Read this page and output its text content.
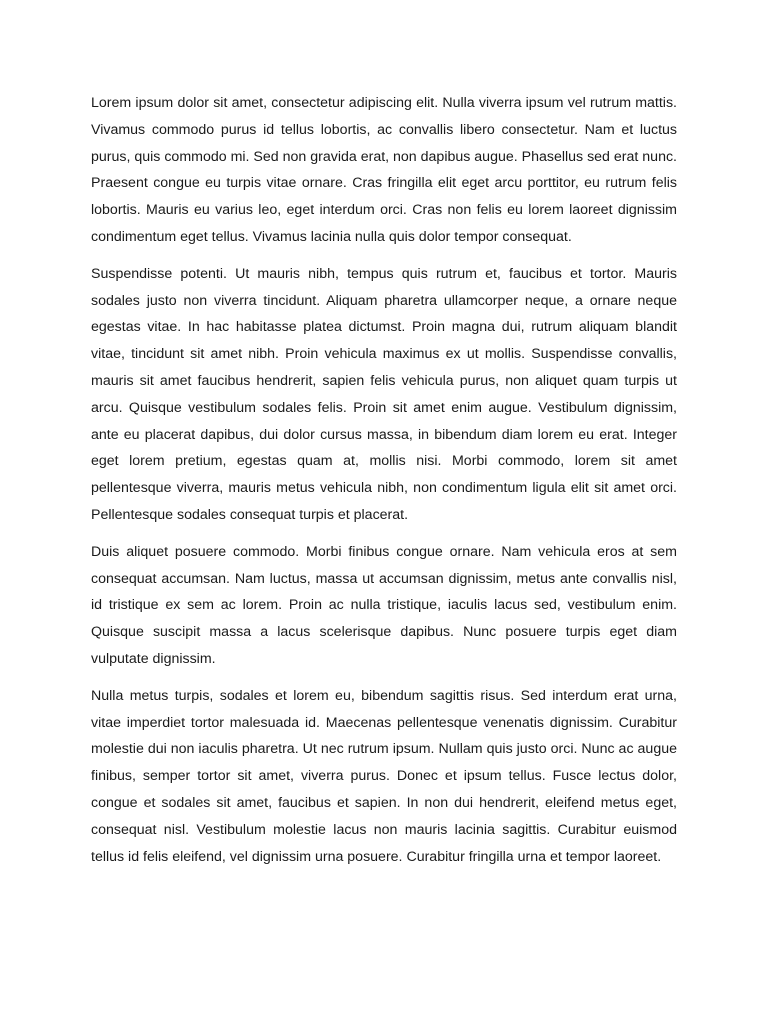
Lorem ipsum dolor sit amet, consectetur adipiscing elit. Nulla viverra ipsum vel rutrum mattis. Vivamus commodo purus id tellus lobortis, ac convallis libero consectetur. Nam et luctus purus, quis commodo mi. Sed non gravida erat, non dapibus augue. Phasellus sed erat nunc. Praesent congue eu turpis vitae ornare. Cras fringilla elit eget arcu porttitor, eu rutrum felis lobortis. Mauris eu varius leo, eget interdum orci. Cras non felis eu lorem laoreet dignissim condimentum eget tellus. Vivamus lacinia nulla quis dolor tempor consequat.

Suspendisse potenti. Ut mauris nibh, tempus quis rutrum et, faucibus et tortor. Mauris sodales justo non viverra tincidunt. Aliquam pharetra ullamcorper neque, a ornare neque egestas vitae. In hac habitasse platea dictumst. Proin magna dui, rutrum aliquam blandit vitae, tincidunt sit amet nibh. Proin vehicula maximus ex ut mollis. Suspendisse convallis, mauris sit amet faucibus hendrerit, sapien felis vehicula purus, non aliquet quam turpis ut arcu. Quisque vestibulum sodales felis. Proin sit amet enim augue. Vestibulum dignissim, ante eu placerat dapibus, dui dolor cursus massa, in bibendum diam lorem eu erat. Integer eget lorem pretium, egestas quam at, mollis nisi. Morbi commodo, lorem sit amet pellentesque viverra, mauris metus vehicula nibh, non condimentum ligula elit sit amet orci. Pellentesque sodales consequat turpis et placerat.

Duis aliquet posuere commodo. Morbi finibus congue ornare. Nam vehicula eros at sem consequat accumsan. Nam luctus, massa ut accumsan dignissim, metus ante convallis nisl, id tristique ex sem ac lorem. Proin ac nulla tristique, iaculis lacus sed, vestibulum enim. Quisque suscipit massa a lacus scelerisque dapibus. Nunc posuere turpis eget diam vulputate dignissim.

Nulla metus turpis, sodales et lorem eu, bibendum sagittis risus. Sed interdum erat urna, vitae imperdiet tortor malesuada id. Maecenas pellentesque venenatis dignissim. Curabitur molestie dui non iaculis pharetra. Ut nec rutrum ipsum. Nullam quis justo orci. Nunc ac augue finibus, semper tortor sit amet, viverra purus. Donec et ipsum tellus. Fusce lectus dolor, congue et sodales sit amet, faucibus et sapien. In non dui hendrerit, eleifend metus eget, consequat nisl. Vestibulum molestie lacus non mauris lacinia sagittis. Curabitur euismod tellus id felis eleifend, vel dignissim urna posuere. Curabitur fringilla urna et tempor laoreet.
